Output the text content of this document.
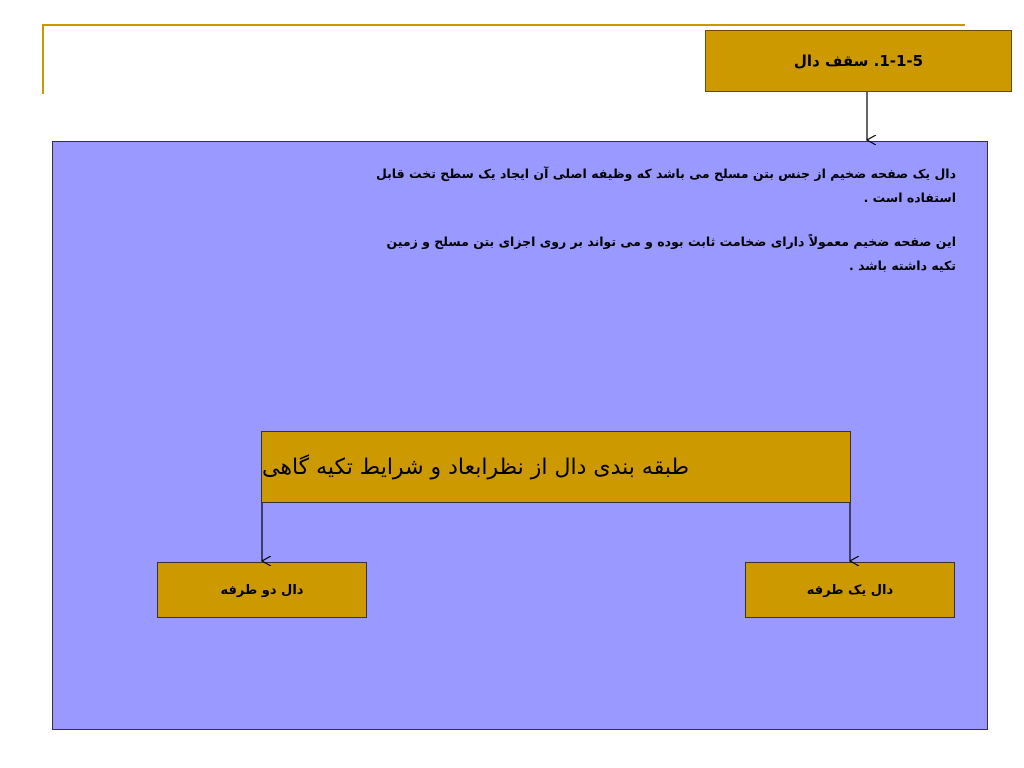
1-1-5. سقف دال

دال یک صفحه ضخیم از جنس بتن مسلح می باشد که وظیفه اصلی آن ایجاد یک سطح تخت قابل

استفاده است .

این صفحه ضخیم معمولاً دارای ضخامت ثابت بوده و می تواند بر روی اجزای بتن مسلح و زمین

تکیه داشته باشد .

طبقه بندی دال از نظرابعاد و شرایط تکیه گاهی
دال دو طرفه	دال یک طرفه
